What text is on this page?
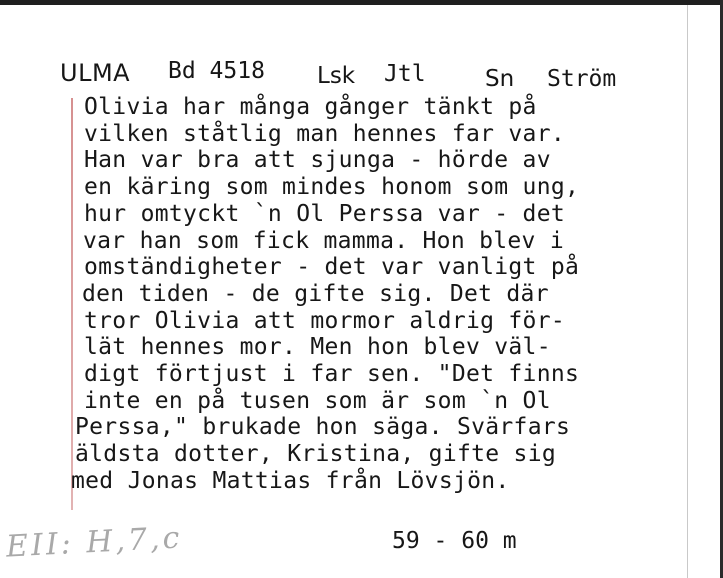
ULMA Bd 4518 Lsk Jtl	Sn Ström
Olivia har många gånger tänkt på
vilken ståtlig man hennes far var.
Han var bra att sjunga - hörde av
en käring som mindes honom som ung,
hur omtyckt `n Ol Perssa var - det
var han som fick mamma. Hon blev i
omständigheter - det var vanligt på
den tiden - de gifte sig. Det där
tror Olivia att mormor aldrig för-
lät hennes mor. Men hon blev väl-
digt förtjust i far sen. "Det finns
inte en på tusen som är som `n Ol
Perssa," brukade hon säga. Svärfars
äldsta dotter, Kristina, gifte sig
med Jonas Mattias från Lövsjön.
EII: H,7,c	59 - 60 m
